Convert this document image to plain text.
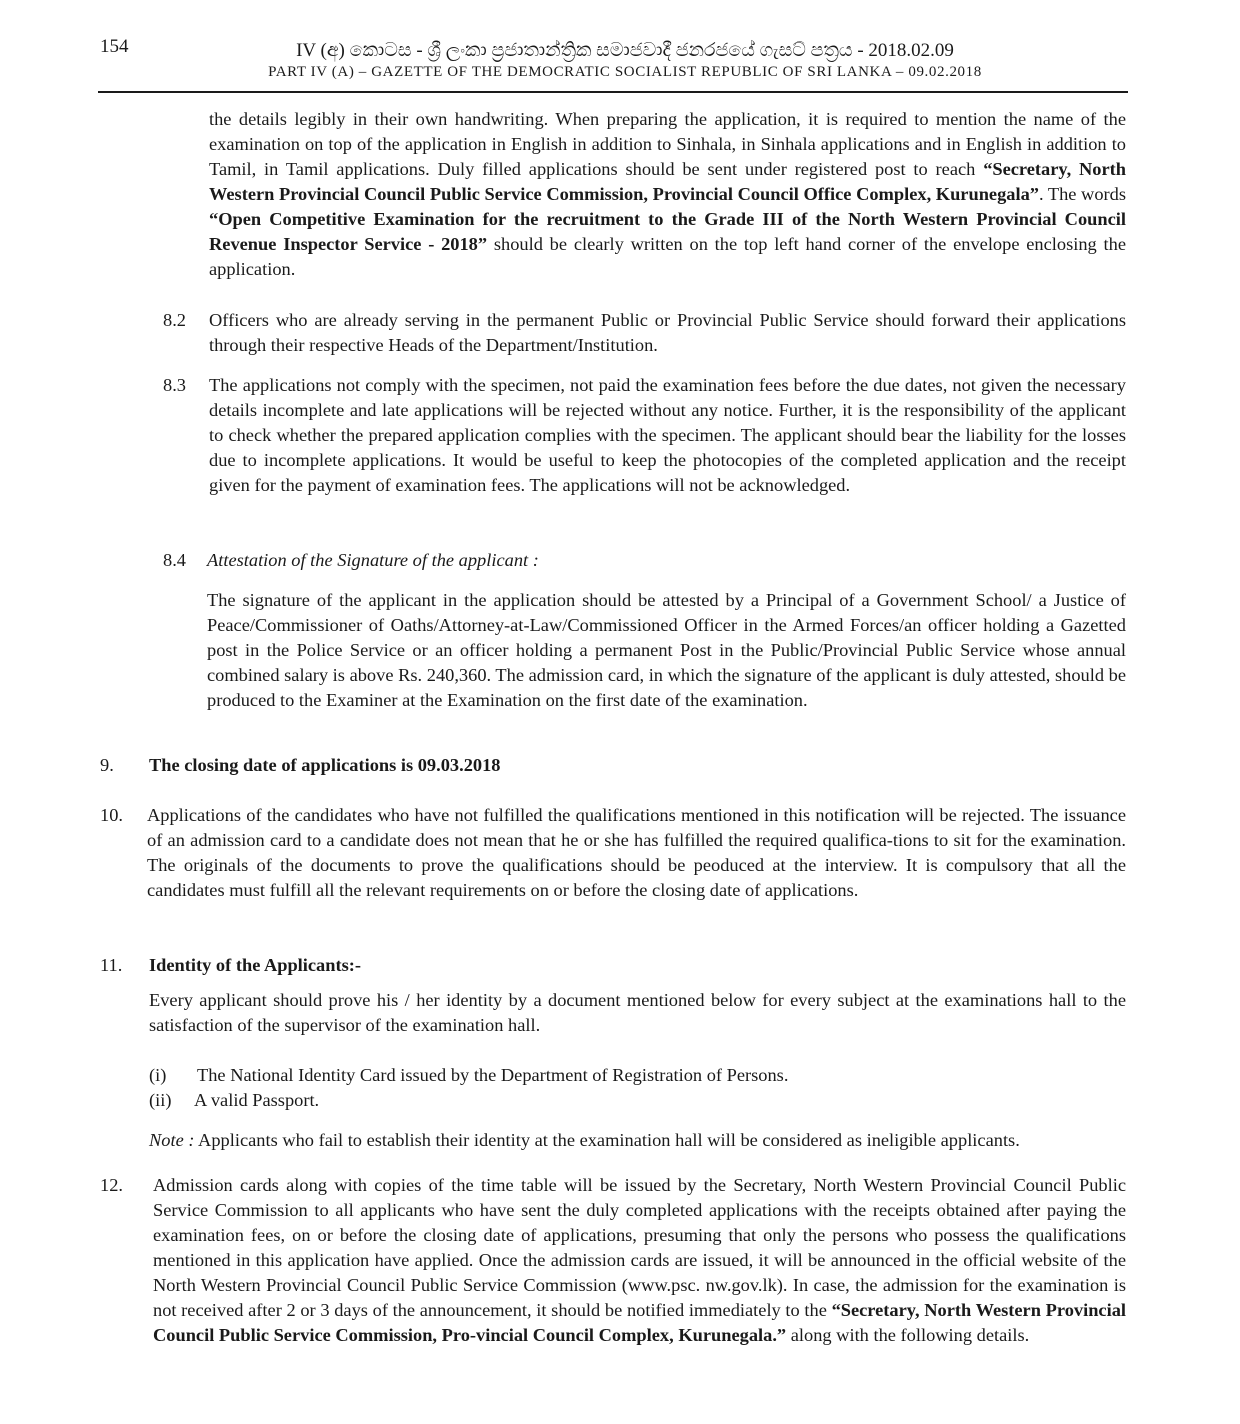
154	IV (අ) කොටස - ශ්‍රී ලංකා ප්‍රජාතාන්ත්‍රික සමාජවාදී ජනරජයේ ගැසට් පත්‍රය - 2018.02.09
PART IV (A) – GAZETTE OF THE DEMOCRATIC SOCIALIST REPUBLIC OF SRI LANKA – 09.02.2018
the details legibly in their own handwriting. When preparing the application, it is required to mention the name of the examination on top of the application in English in addition to Sinhala, in Sinhala applications and in English in addition to Tamil, in Tamil applications. Duly filled applications should be sent under registered post to reach “Secretary, North Western Provincial Council Public Service Commission, Provincial Council Office Complex, Kurunegala”. The words “Open Competitive Examination for the recruitment to the Grade III of the North Western Provincial Council Revenue Inspector Service - 2018” should be clearly written on the top left hand corner of the envelope enclosing the application.
8.2 Officers who are already serving in the permanent Public or Provincial Public Service should forward their applications through their respective Heads of the Department/Institution.
8.3 The applications not comply with the specimen, not paid the examination fees before the due dates, not given the necessary details incomplete and late applications will be rejected without any notice. Further, it is the responsibility of the applicant to check whether the prepared application complies with the specimen. The applicant should bear the liability for the losses due to incomplete applications. It would be useful to keep the photocopies of the completed application and the receipt given for the payment of examination fees. The applications will not be acknowledged.
8.4 Attestation of the Signature of the applicant :
The signature of the applicant in the application should be attested by a Principal of a Government School/ a Justice of Peace/Commissioner of Oaths/Attorney-at-Law/Commissioned Officer in the Armed Forces/an officer holding a Gazetted post in the Police Service or an officer holding a permanent Post in the Public/Provincial Public Service whose annual combined salary is above Rs. 240,360. The admission card, in which the signature of the applicant is duly attested, should be produced to the Examiner at the Examination on the first date of the examination.
9. The closing date of applications is 09.03.2018
10. Applications of the candidates who have not fulfilled the qualifications mentioned in this notification will be rejected. The issuance of an admission card to a candidate does not mean that he or she has fulfilled the required qualifica-tions to sit for the examination. The originals of the documents to prove the qualifications should be peoduced at the interview. It is compulsory that all the candidates must fulfill all the relevant requirements on or before the closing date of applications.
11. Identity of the Applicants:-
Every applicant should prove his / her identity by a document mentioned below for every subject at the examinations hall to the satisfaction of the supervisor of the examination hall.
(i) The National Identity Card issued by the Department of Registration of Persons.
(ii) A valid Passport.
Note : Applicants who fail to establish their identity at the examination hall will be considered as ineligible applicants.
12. Admission cards along with copies of the time table will be issued by the Secretary, North Western Provincial Council Public Service Commission to all applicants who have sent the duly completed applications with the receipts obtained after paying the examination fees, on or before the closing date of applications, presuming that only the persons who possess the qualifications mentioned in this application have applied. Once the admission cards are issued, it will be announced in the official website of the North Western Provincial Council Public Service Commission (www.psc. nw.gov.lk). In case, the admission for the examination is not received after 2 or 3 days of the announcement, it should be notified immediately to the “Secretary, North Western Provincial Council Public Service Commission, Pro-vincial Council Complex, Kurunegala.” along with the following details.
